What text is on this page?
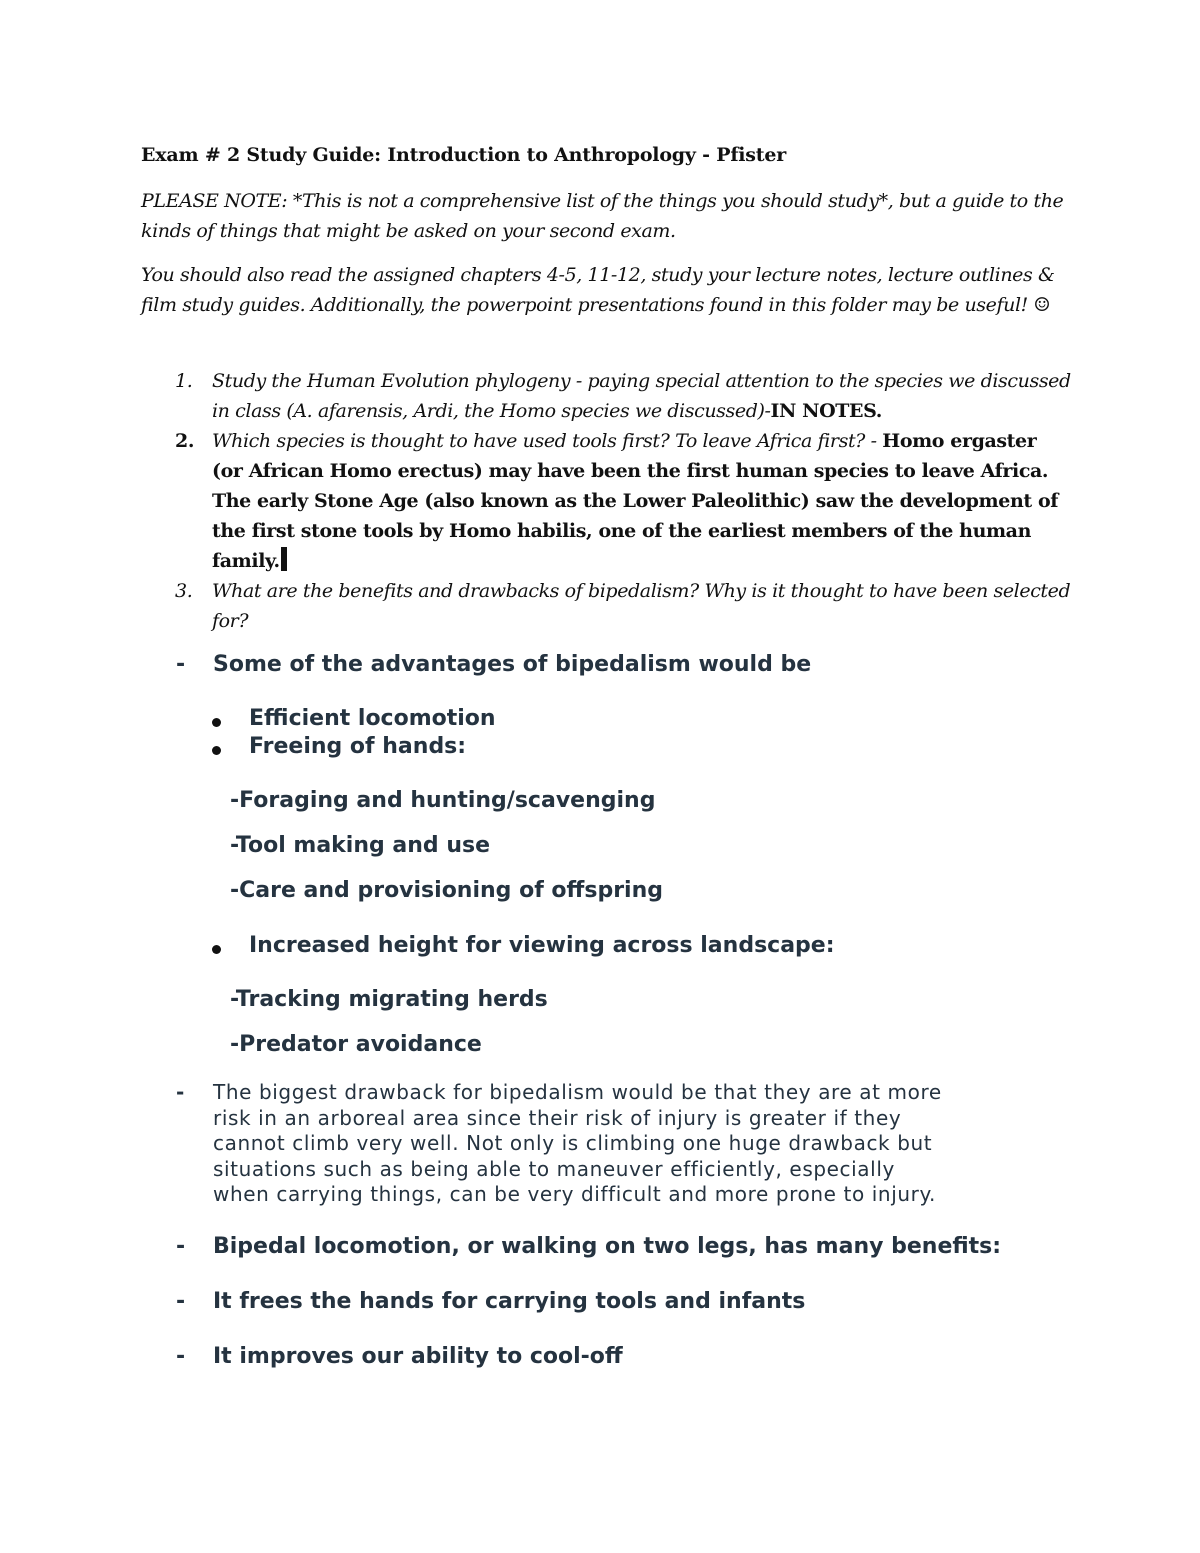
Exam # 2 Study Guide: Introduction to Anthropology - Pfister
PLEASE NOTE: *This is not a comprehensive list of the things you should study*, but a guide to the kinds of things that might be asked on your second exam.
You should also read the assigned chapters 4-5, 11-12, study your lecture notes, lecture outlines & film study guides. Additionally, the powerpoint presentations found in this folder may be useful! ☺
1. Study the Human Evolution phylogeny - paying special attention to the species we discussed in class (A. afarensis, Ardi, the Homo species we discussed)-IN NOTES.
2. Which species is thought to have used tools first? To leave Africa first? - Homo ergaster (or African Homo erectus) may have been the first human species to leave Africa. The early Stone Age (also known as the Lower Paleolithic) saw the development of the first stone tools by Homo habilis, one of the earliest members of the human family.
3. What are the benefits and drawbacks of bipedalism? Why is it thought to have been selected for?
- Some of the advantages of bipedalism would be
Efficient locomotion
Freeing of hands:
-Foraging and hunting/scavenging
-Tool making and use
-Care and provisioning of offspring
Increased height for viewing across landscape:
-Tracking migrating herds
-Predator avoidance
- The biggest drawback for bipedalism would be that they are at more
risk in an arboreal area since their risk of injury is greater if they
cannot climb very well. Not only is climbing one huge drawback but
situations such as being able to maneuver efficiently, especially
when carrying things, can be very difficult and more prone to injury.
- Bipedal locomotion, or walking on two legs, has many benefits:
- It frees the hands for carrying tools and infants
- It improves our ability to cool-off
